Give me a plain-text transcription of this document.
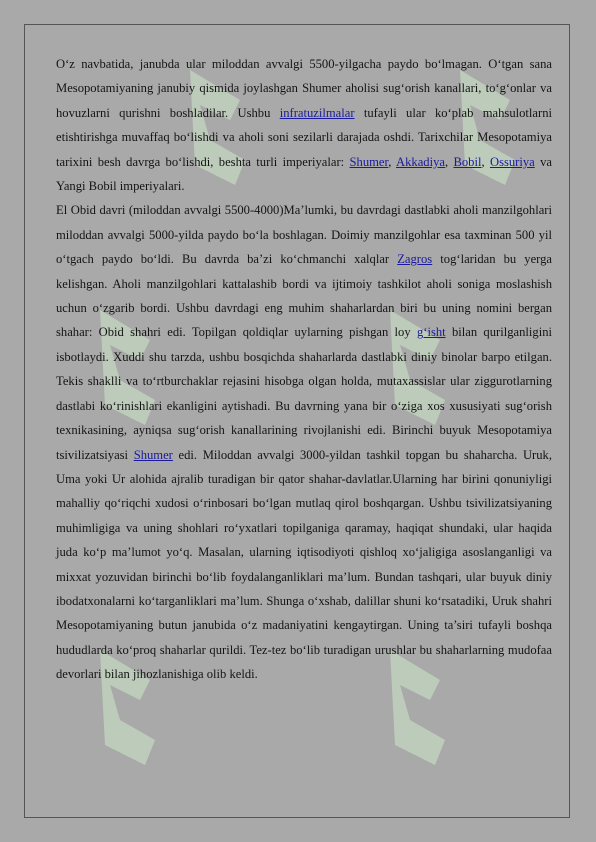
O‘z navbatida, janubda ular miloddan avvalgi 5500-yilgacha paydo bo‘lmagan. O‘tgan sana Mesopotamiyaning janubiy qismida joylashgan Shumer aholisi sug‘orish kanallari, to‘g‘onlar va hovuzlarni qurishni boshladilar. Ushbu infratuzilmalar tufayli ular ko‘plab mahsulotlarni etishtirishga muvaffaq bo‘lishdi va aholi soni sezilarli darajada oshdi. Tarixchilar Mesopotamiya tarixini besh davrga bo‘lishdi, beshta turli imperiyalar: Shumer, Akkadiya, Bobil, Ossuriya va Yangi Bobil imperiyalari.

El Obid davri (miloddan avvalgi 5500-4000)Ma’lumki, bu davrdagi dastlabki aholi manzilgohlari miloddan avvalgi 5000-yilda paydo bo‘la boshlagan. Doimiy manzilgohlar esa taxminan 500 yil o‘tgach paydo bo‘ldi. Bu davrda ba’zi ko‘chmanchi xalqlar Zagros tog‘laridan bu yerga kelishgan. Aholi manzilgohlari kattalashib bordi va ijtimoiy tashkilot aholi soniga moslashish uchun o‘zgarib bordi. Ushbu davrdagi eng muhim shaharlardan biri bu uning nomini bergan shahar: Obid shahri edi. Topilgan qoldiqlar uylarning pishgan loy g‘isht bilan qurilganligini isbotlaydi. Xuddi shu tarzda, ushbu bosqichda shaharlarda dastlabki diniy binolar barpo etilgan. Tekis shaklli va to‘rtburchaklar rejasini hisobga olgan holda, mutaxassislar ular ziggurotlarning dastlabi ko‘rinishlari ekanligini aytishadi. Bu davrning yana bir o‘ziga xos xususiyati sug‘orish texnikasining, ayniqsa sug‘orish kanallarining rivojlanishi edi. Birinchi buyuk Mesopotamiya tsivilizatsiyasi Shumer edi. Miloddan avvalgi 3000-yildan tashkil topgan bu shaharcha. Uruk, Uma yoki Ur alohida ajralib turadigan bir qator shahar-davlatlar.Ularning har birini qonuniyligi mahalliy qo‘riqchi xudosi o‘rinbosari bo‘lgan mutlaq qirol boshqargan. Ushbu tsivilizatsiyaning muhimligiga va uning shohlari ro‘yxatlari topilganiga qaramay, haqiqat shundaki, ular haqida juda ko‘p ma’lumot yo‘q. Masalan, ularning iqtisodiyoti qishloq xo‘jaligiga asoslanganligi va mixxat yozuvidan birinchi bo‘lib foydalanganliklari ma’lum. Bundan tashqari, ular buyuk diniy ibodatxonalarni ko‘targanliklari ma’lum. Shunga o‘xshab, dalillar shuni ko‘rsatadiki, Uruk shahri Mesopotamiyaning butun janubida o‘z madaniyatini kengaytirgan. Uning ta’siri tufayli boshqa hududlarda ko‘proq shaharlar qurildi. Tez-tez bo‘lib turadigan urushlar bu shaharlarning mudofaa devorlari bilan jihozlanishiga olib keldi.
